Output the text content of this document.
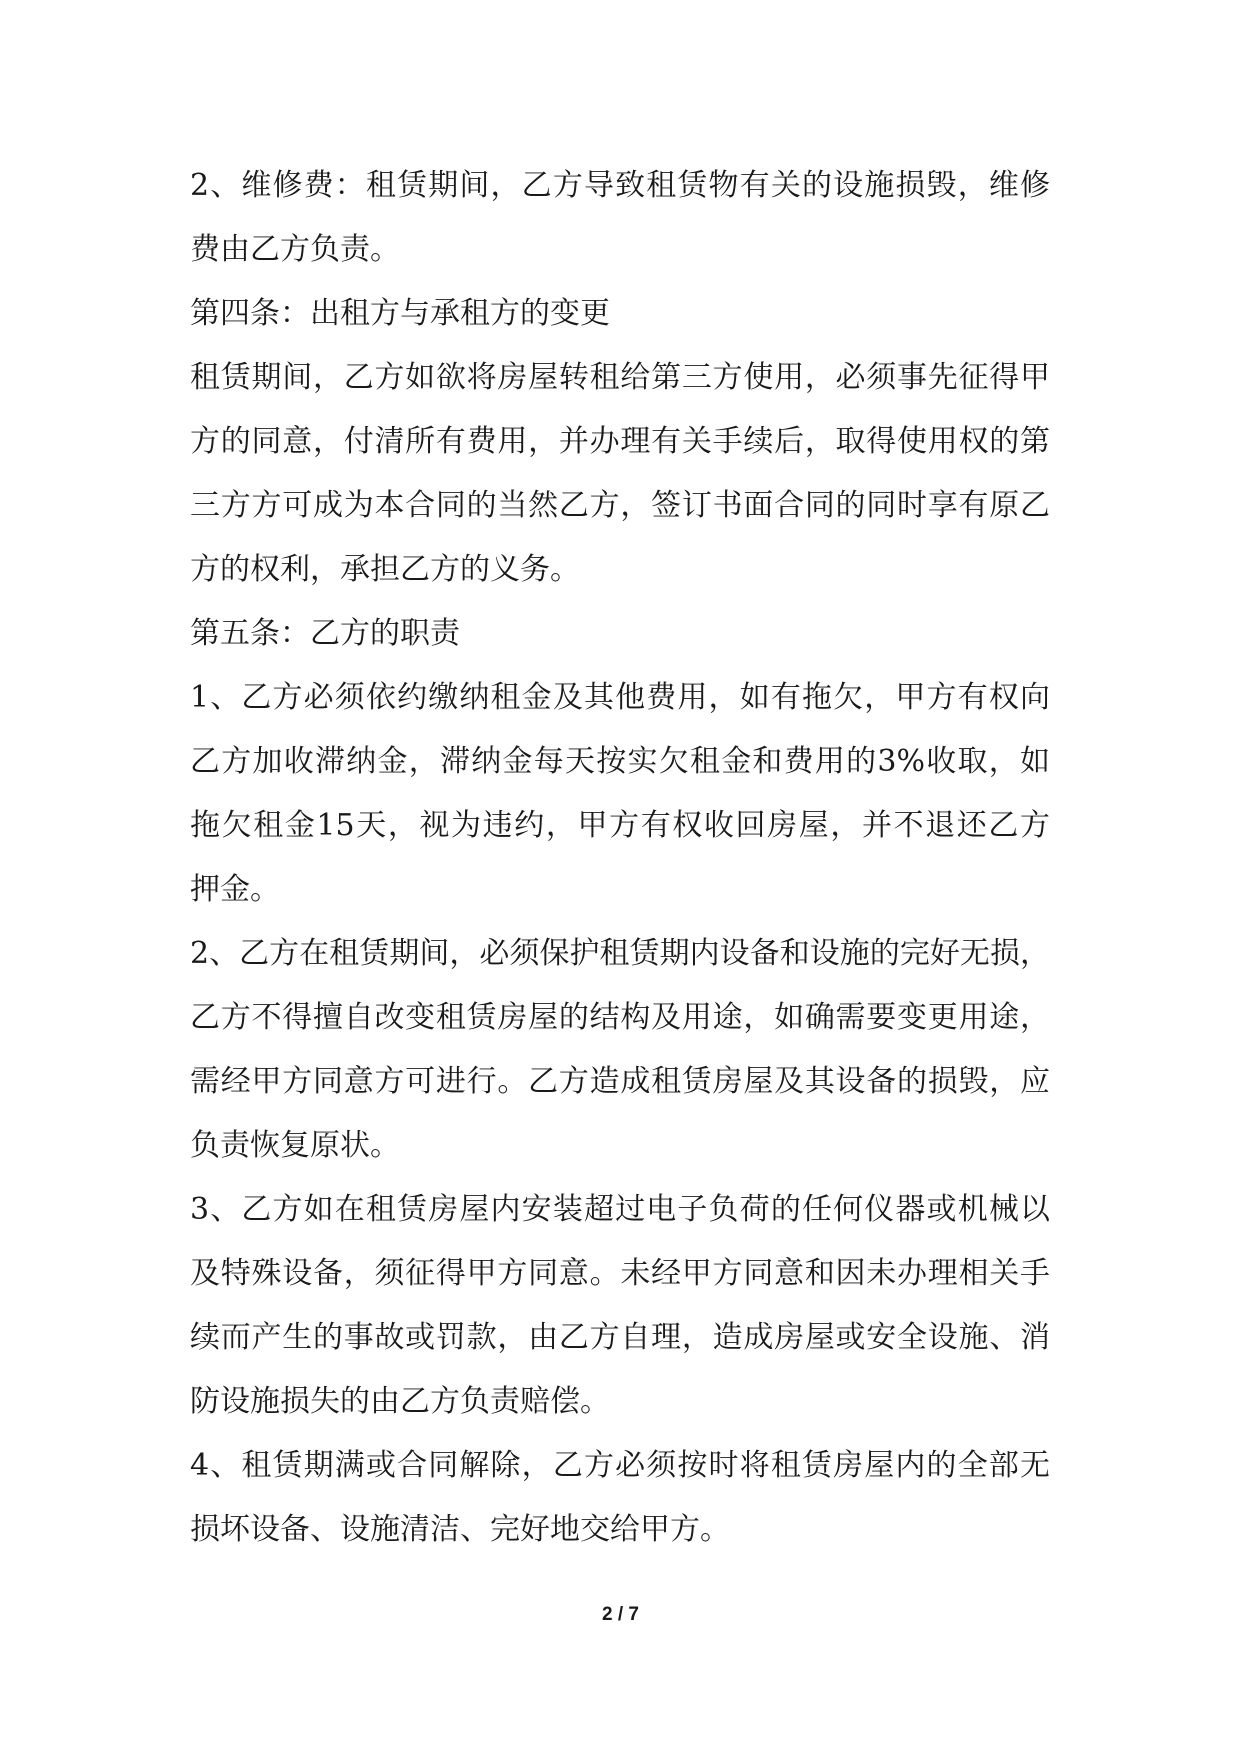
2、维修费：租赁期间，乙方导致租赁物有关的设施损毁，维修
费由乙方负责。
第四条：出租方与承租方的变更
租赁期间，乙方如欲将房屋转租给第三方使用，必须事先征得甲
方的同意，付清所有费用，并办理有关手续后，取得使用权的第
三方方可成为本合同的当然乙方，签订书面合同的同时享有原乙
方的权利，承担乙方的义务。
第五条：乙方的职责
1、乙方必须依约缴纳租金及其他费用，如有拖欠，甲方有权向
乙方加收滞纳金，滞纳金每天按实欠租金和费用的3%收取，如
拖欠租金15天，视为违约，甲方有权收回房屋，并不退还乙方
押金。
2、乙方在租赁期间，必须保护租赁期内设备和设施的完好无损，
乙方不得擅自改变租赁房屋的结构及用途，如确需要变更用途，
需经甲方同意方可进行。乙方造成租赁房屋及其设备的损毁，应
负责恢复原状。
3、乙方如在租赁房屋内安装超过电子负荷的任何仪器或机械以
及特殊设备，须征得甲方同意。未经甲方同意和因未办理相关手
续而产生的事故或罚款，由乙方自理，造成房屋或安全设施、消
防设施损失的由乙方负责赔偿。
4、租赁期满或合同解除，乙方必须按时将租赁房屋内的全部无
损坏设备、设施清洁、完好地交给甲方。
2 / 7
